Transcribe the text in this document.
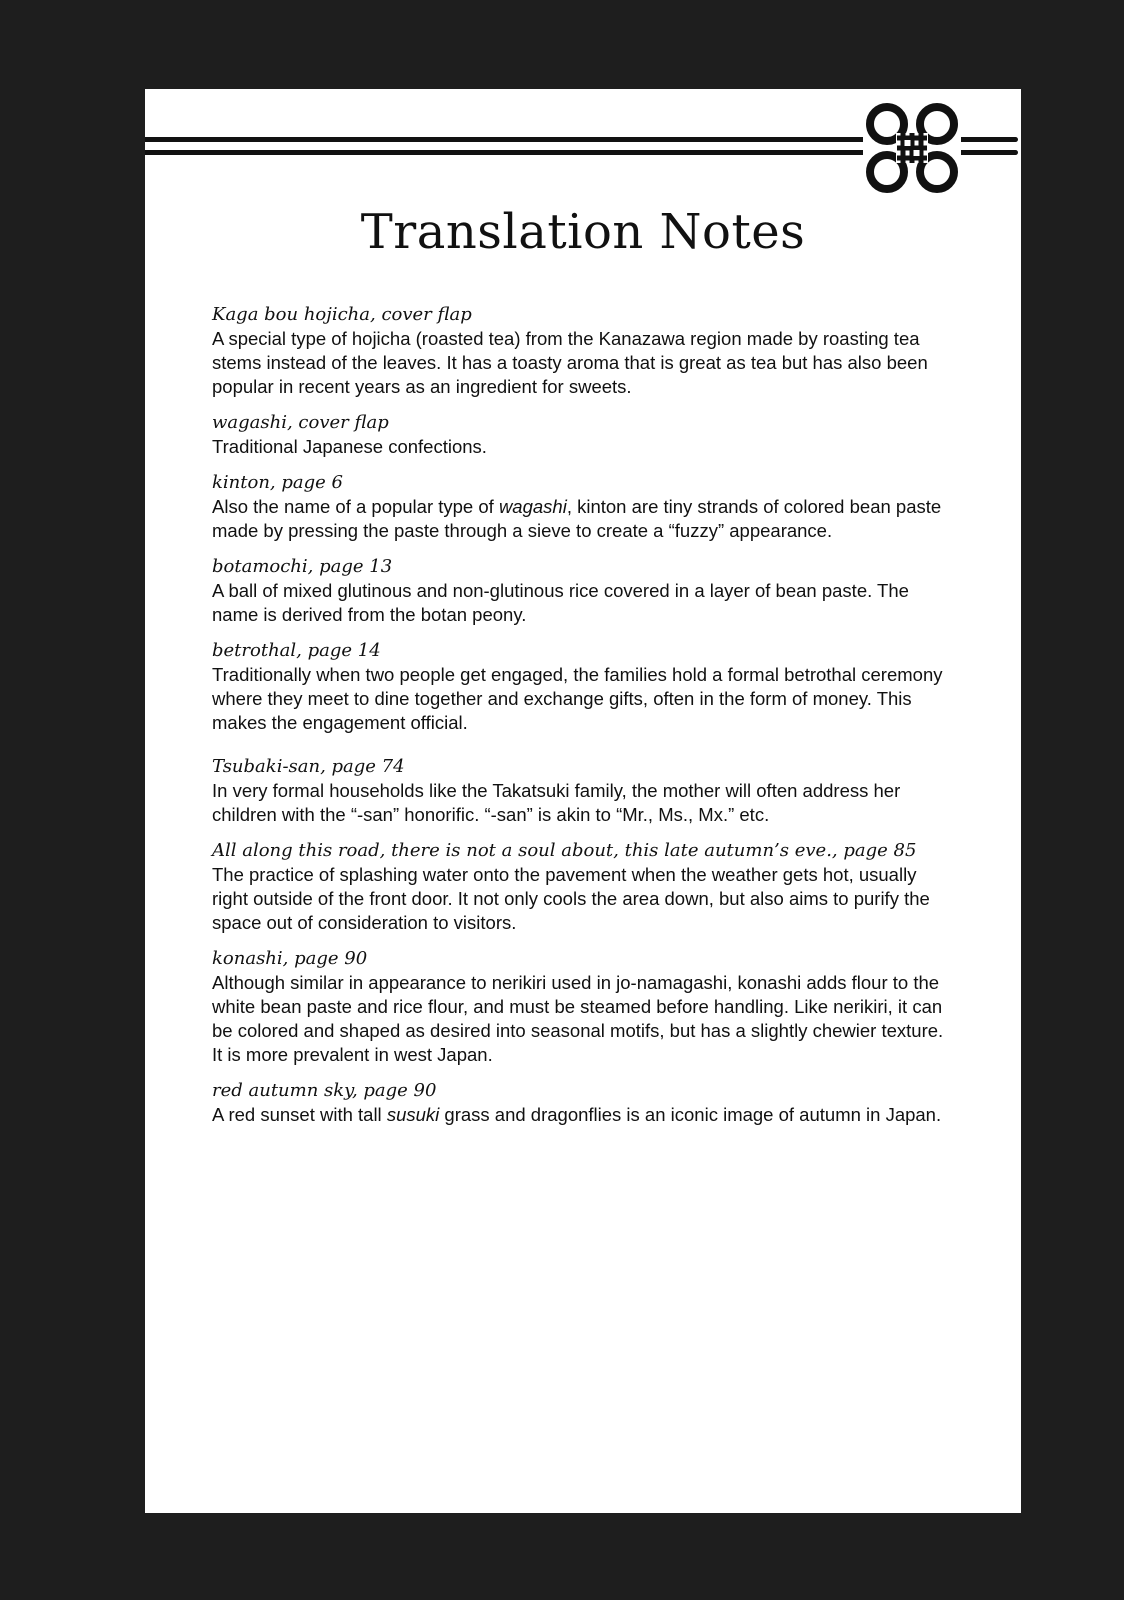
Translation Notes
Kaga bou hojicha, cover flap
A special type of hojicha (roasted tea) from the Kanazawa region made by roasting tea stems instead of the leaves. It has a toasty aroma that is great as tea but has also been popular in recent years as an ingredient for sweets.
wagashi, cover flap
Traditional Japanese confections.
kinton, page 6
Also the name of a popular type of wagashi, kinton are tiny strands of colored bean paste made by pressing the paste through a sieve to create a “fuzzy” appearance.
botamochi, page 13
A ball of mixed glutinous and non-glutinous rice covered in a layer of bean paste. The name is derived from the botan peony.
betrothal, page 14
Traditionally when two people get engaged, the families hold a formal betrothal ceremony where they meet to dine together and exchange gifts, often in the form of money. This makes the engagement official.
Tsubaki-san, page 74
In very formal households like the Takatsuki family, the mother will often address her children with the “-san” honorific. “-san” is akin to “Mr., Ms., Mx.” etc.
All along this road, there is not a soul about, this late autumn’s eve., page 85
The practice of splashing water onto the pavement when the weather gets hot, usually right outside of the front door. It not only cools the area down, but also aims to purify the space out of consideration to visitors.
konashi, page 90
Although similar in appearance to nerikiri used in jo-namagashi, konashi adds flour to the white bean paste and rice flour, and must be steamed before handling. Like nerikiri, it can be colored and shaped as desired into seasonal motifs, but has a slightly chewier texture. It is more prevalent in west Japan.
red autumn sky, page 90
A red sunset with tall susuki grass and dragonflies is an iconic image of autumn in Japan.
